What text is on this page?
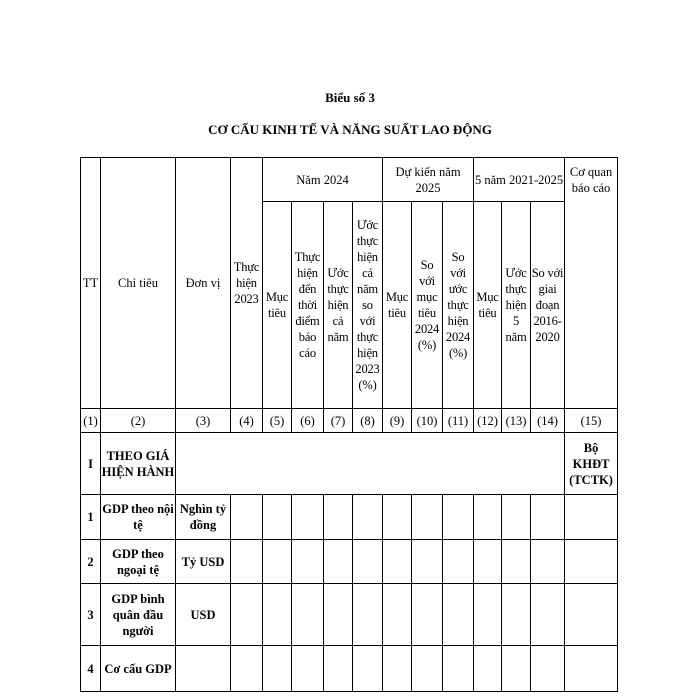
Biểu số 3
CƠ CẤU KINH TẾ VÀ NĂNG SUẤT LAO ĐỘNG
TT	Chỉ tiêu	Đơn vị	Thực hiện 2023	Năm 2024				Dự kiến năm 2025			5 năm 2021-2025			Cơ quan báo cáo
				Mục tiêu	Thực hiện đến thời điểm báo cáo	Ước thực hiện cả năm	Ước thực hiện cả năm so với thực hiện 2023 (%)	Mục tiêu	So với mục tiêu 2024 (%)	So với ước thực hiện 2024 (%)	Mục tiêu	Ước thực hiện 5 năm	So với giai đoạn 2016-2020	
(1)	(2)	(3)	(4)	(5)	(6)	(7)	(8)	(9)	(10)	(11)	(12)	(13)	(14)	(15)
I	THEO GIÁ HIỆN HÀNH													Bộ KHĐT (TCTK)
1	GDP theo nội tệ	Nghìn tỷ đồng												
2	GDP theo ngoại tệ	Tỷ USD												
3	GDP bình quân đầu người	USD												
4	Cơ cấu GDP													
